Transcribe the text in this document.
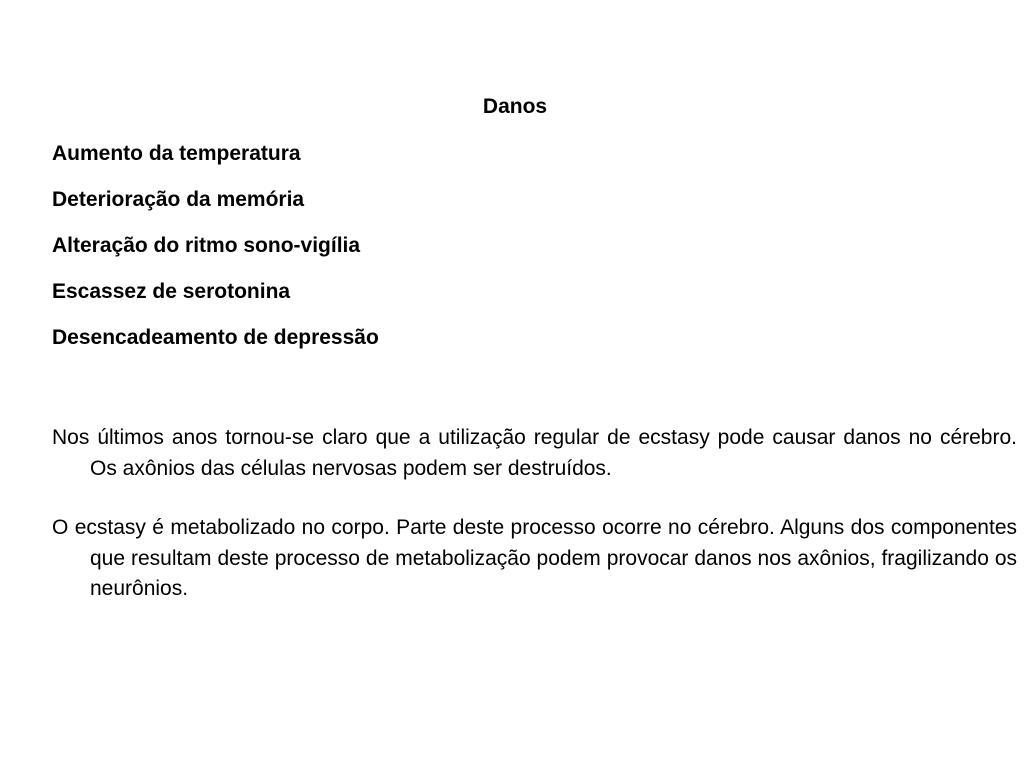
Danos
Aumento da temperatura
Deterioração da memória
Alteração do ritmo sono-vigília
Escassez de serotonina
Desencadeamento de depressão

Nos últimos anos tornou-se claro que a utilização regular de ecstasy pode causar danos no cérebro. Os axônios das células nervosas podem ser destruídos.

O ecstasy é metabolizado no corpo. Parte deste processo ocorre no cérebro. Alguns dos componentes que resultam deste processo de metabolização podem provocar danos nos axônios, fragilizando os neurônios.
